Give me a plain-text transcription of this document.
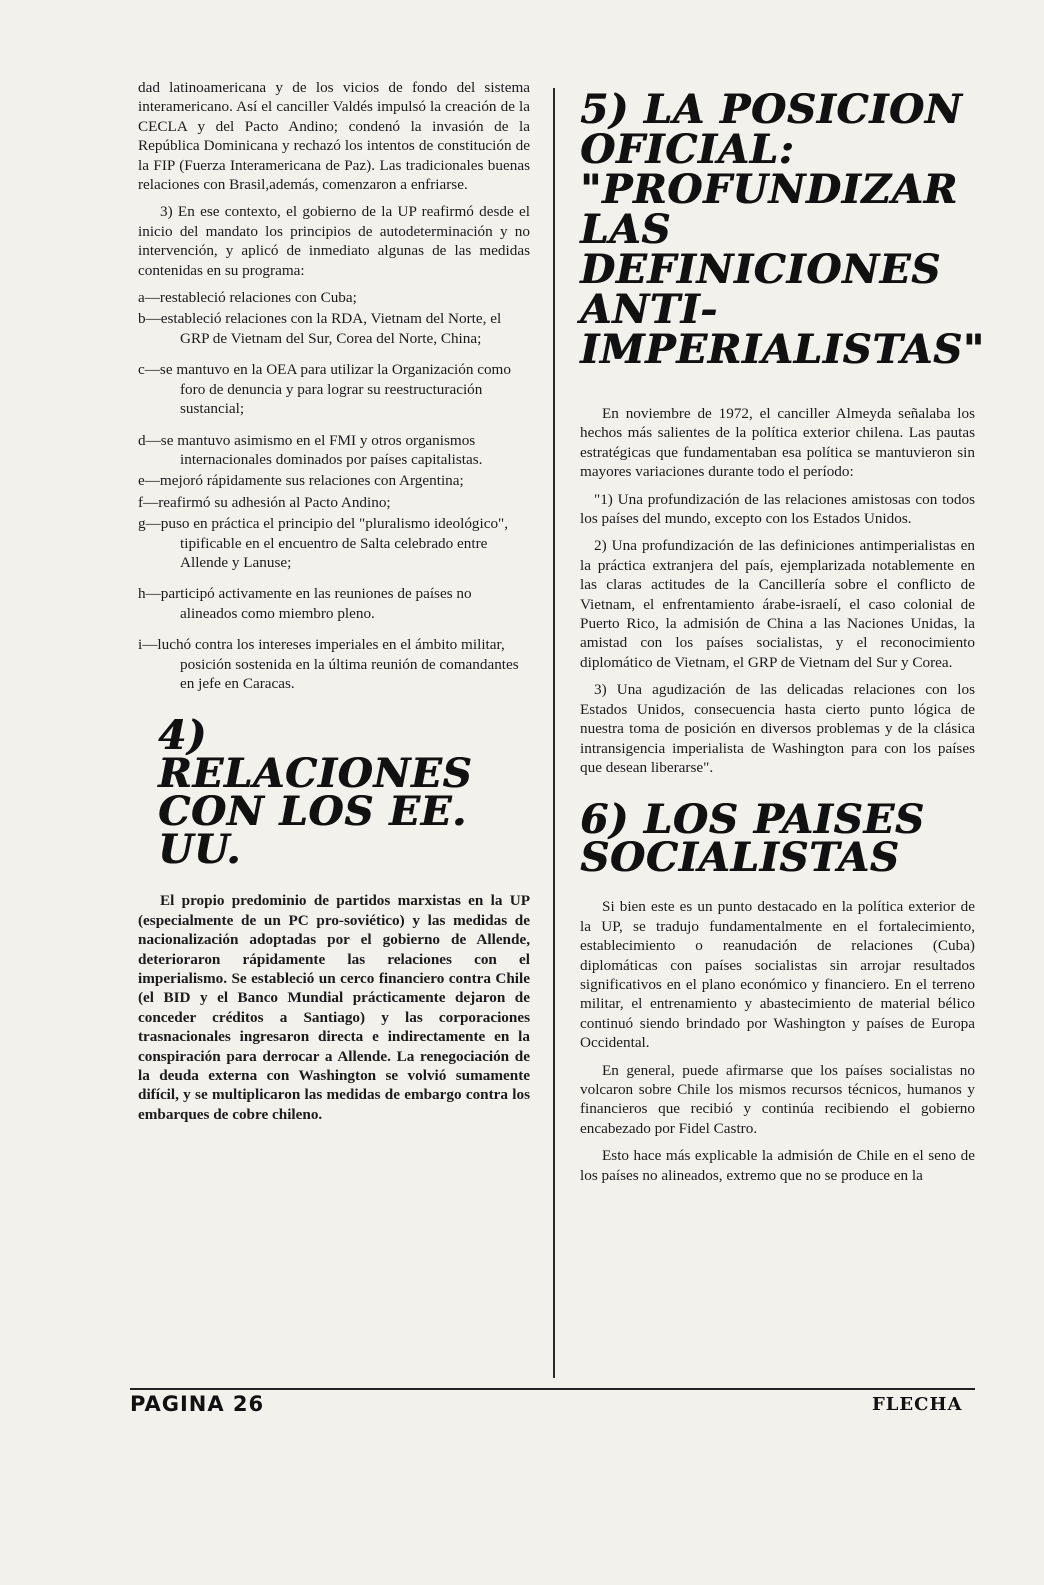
dad latinoamericana y de los vicios de fondo del sistema interamericano. Así el canciller Valdés impulsó la creación de la CECLA y del Pacto Andino; condenó la invasión de la República Dominicana y rechazó los intentos de constitución de la FIP (Fuerza Interamericana de Paz). Las tradicionales buenas relaciones con Brasil,además, comenzaron a enfriarse.

3) En ese contexto, el gobierno de la UP reafirmó desde el inicio del mandato los principios de autodeterminación y no intervención, y aplicó de inmediato algunas de las medidas contenidas en su programa:

a—restableció relaciones con Cuba;
b—estableció relaciones con la RDA, Vietnam del Norte, el GRP de Vietnam del Sur, Corea del Norte, China;
c—se mantuvo en la OEA para utilizar la Organización como foro de denuncia y para lograr su reestructuración sustancial;
d—se mantuvo asimismo en el FMI y otros organismos internacionales dominados por países capitalistas.
e—mejoró rápidamente sus relaciones con Argentina;
f—reafirmó su adhesión al Pacto Andino;
g—puso en práctica el principio del "pluralismo ideológico", tipificable en el encuentro de Salta celebrado entre Allende y Lanuse;
h—participó activamente en las reuniones de países no alineados como miembro pleno.
i—luchó contra los intereses imperiales en el ámbito militar, posición sostenida en la última reunión de comandantes en jefe en Caracas.
4) RELACIONES CON LOS EE. UU.

El propio predominio de partidos marxistas en la UP (especialmente de un PC pro-soviético) y las medidas de nacionalización adoptadas por el gobierno de Allende, deterioraron rápidamente las relaciones con el imperialismo. Se estableció un cerco financiero contra Chile (el BID y el Banco Mundial prácticamente dejaron de conceder créditos a Santiago) y las corporaciones trasnacionales ingresaron directa e indirectamente en la conspiración para derrocar a Allende. La renegociación de la deuda externa con Washington se volvió sumamente difícil, y se multiplicaron las medidas de embargo contra los embarques de cobre chileno.

5) LA POSICION OFICIAL: "PROFUNDIZAR LAS DEFINICIONES ANTI-IMPERIALISTAS"

En noviembre de 1972, el canciller Almeyda señalaba los hechos más salientes de la política exterior chilena. Las pautas estratégicas que fundamentaban esa política se mantuvieron sin mayores variaciones durante todo el período:

"1) Una profundización de las relaciones amistosas con todos los países del mundo, excepto con los Estados Unidos.

2) Una profundización de las definiciones antimperialistas en la práctica extranjera del país, ejemplarizada notablemente en las claras actitudes de la Cancillería sobre el conflicto de Vietnam, el enfrentamiento árabe-israelí, el caso colonial de Puerto Rico, la admisión de China a las Naciones Unidas, la amistad con los países socialistas, y el reconocimiento diplomático de Vietnam, el GRP de Vietnam del Sur y Corea.

3) Una agudización de las delicadas relaciones con los Estados Unidos, consecuencia hasta cierto punto lógica de nuestra toma de posición en diversos problemas y de la clásica intransigencia imperialista de Washington para con los países que desean liberarse".

6) LOS PAISES SOCIALISTAS

Si bien este es un punto destacado en la política exterior de la UP, se tradujo fundamentalmente en el fortalecimiento, establecimiento o reanudación de relaciones (Cuba) diplomáticas con países socialistas sin arrojar resultados significativos en el plano económico y financiero. En el terreno militar, el entrenamiento y abastecimiento de material bélico continuó siendo brindado por Washington y países de Europa Occidental.

En general, puede afirmarse que los países socialistas no volcaron sobre Chile los mismos recursos técnicos, humanos y financieros que recibió y continúa recibiendo el gobierno encabezado por Fidel Castro.

Esto hace más explicable la admisión de Chile en el seno de los países no alineados, extremo que no se produce en la

PAGINA 26	FLECHA
